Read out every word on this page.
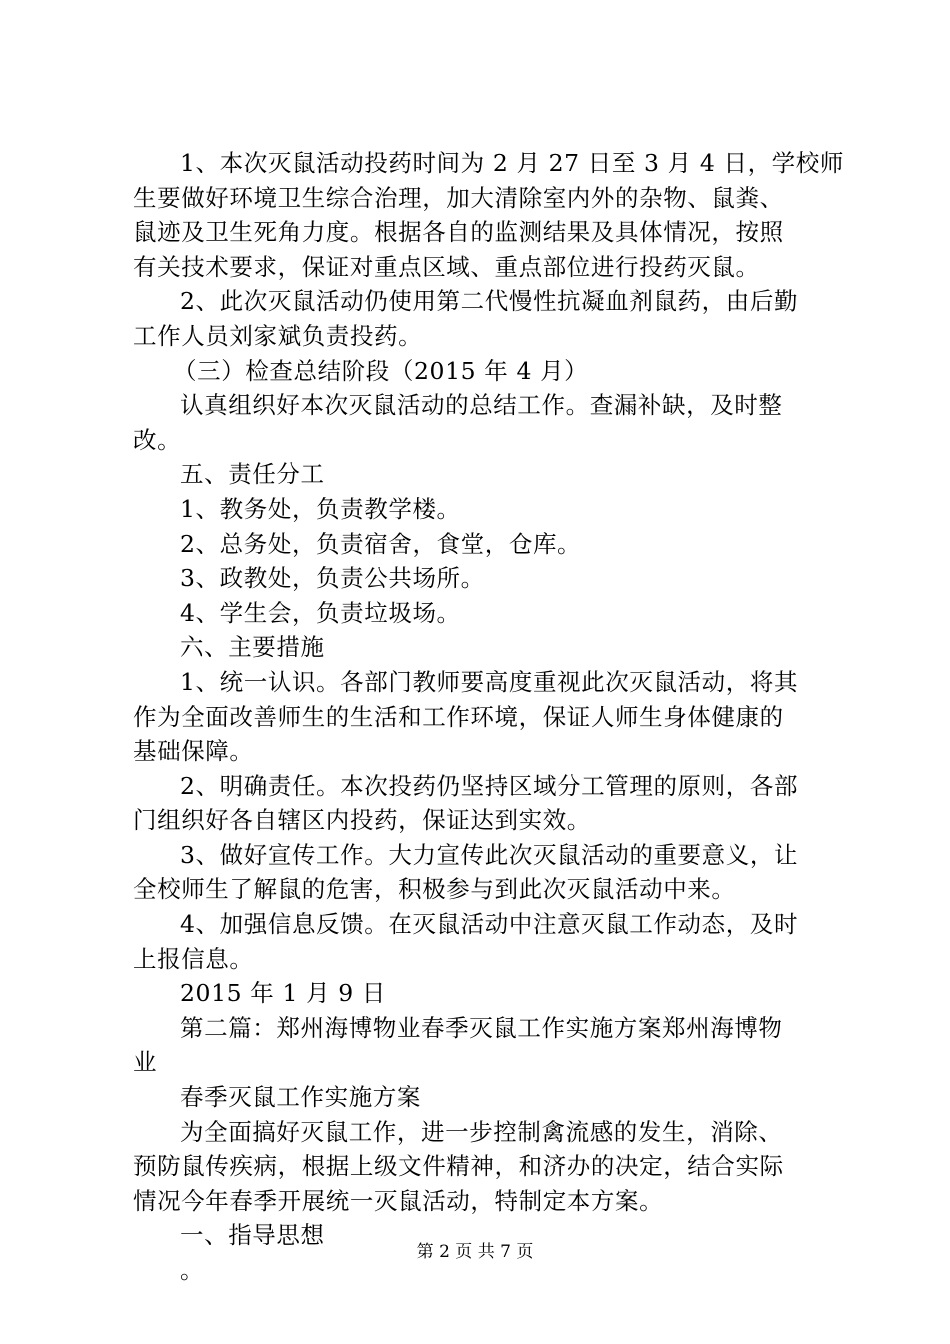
1、本次灭鼠活动投药时间为 2 月 27 日至 3 月 4 日，学校师
生要做好环境卫生综合治理，加大清除室内外的杂物、鼠粪、
鼠迹及卫生死角力度。根据各自的监测结果及具体情况，按照
有关技术要求，保证对重点区域、重点部位进行投药灭鼠。
2、此次灭鼠活动仍使用第二代慢性抗凝血剂鼠药，由后勤
工作人员刘家斌负责投药。
（三）检查总结阶段（2015 年 4 月）
认真组织好本次灭鼠活动的总结工作。查漏补缺，及时整
改。
五、责任分工
1、教务处，负责教学楼。
2、总务处，负责宿舍，食堂，仓库。
3、政教处，负责公共场所。
4、学生会，负责垃圾场。
六、主要措施
1、统一认识。各部门教师要高度重视此次灭鼠活动，将其
作为全面改善师生的生活和工作环境，保证人师生身体健康的
基础保障。
2、明确责任。本次投药仍坚持区域分工管理的原则，各部
门组织好各自辖区内投药，保证达到实效。
3、做好宣传工作。大力宣传此次灭鼠活动的重要意义，让
全校师生了解鼠的危害，积极参与到此次灭鼠活动中来。
4、加强信息反馈。在灭鼠活动中注意灭鼠工作动态，及时
上报信息。
2015 年 1 月 9 日
第二篇：郑州海博物业春季灭鼠工作实施方案郑州海博物
业
春季灭鼠工作实施方案
为全面搞好灭鼠工作，进一步控制禽流感的发生，消除、
预防鼠传疾病，根据上级文件精神，和济办的决定，结合实际
情况今年春季开展统一灭鼠活动，特制定本方案。
一、指导思想
。
第 2 页 共 7 页
